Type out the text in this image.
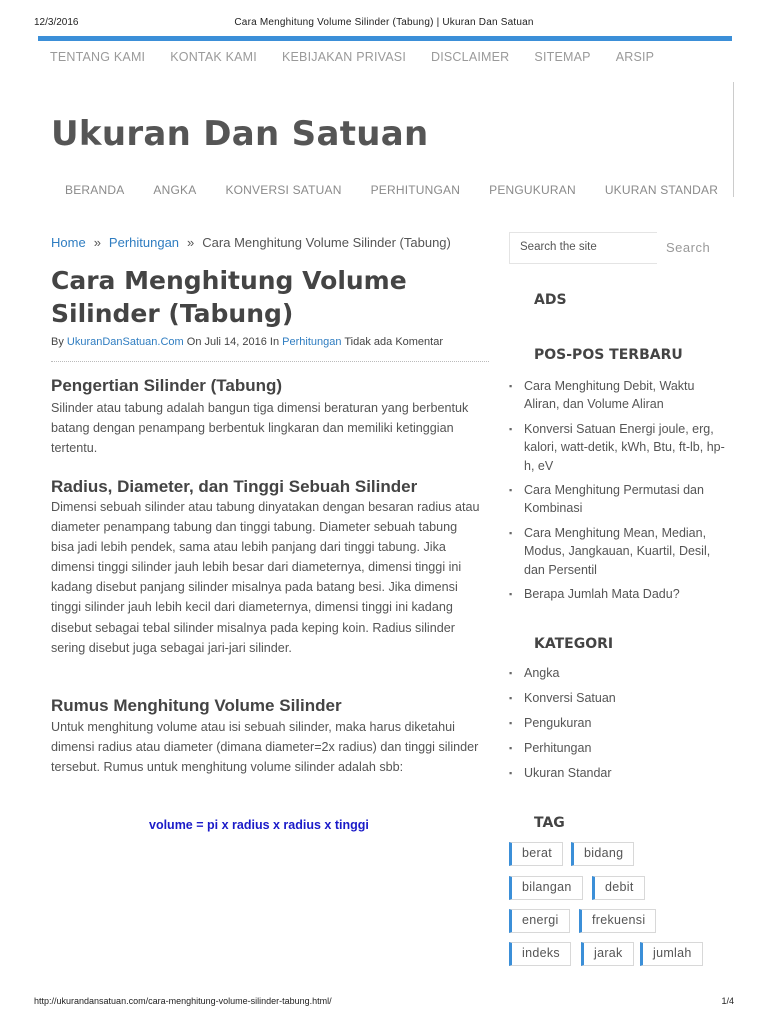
12/3/2016	Cara Menghitung Volume Silinder (Tabung) | Ukuran Dan Satuan
TENTANG KAMI KONTAK KAMI KEBIJAKAN PRIVASI DISCLAIMER SITEMAP ARSIP
Ukuran Dan Satuan
BERANDA ANGKA KONVERSI SATUAN PERHITUNGAN PENGUKURAN UKURAN STANDAR
Home » Perhitungan » Cara Menghitung Volume Silinder (Tabung)
Cara Menghitung Volume Silinder (Tabung)
By UkuranDanSatuan.Com On Juli 14, 2016 In Perhitungan Tidak ada Komentar
Pengertian Silinder (Tabung)

Silinder atau tabung adalah bangun tiga dimensi beraturan yang berbentuk batang dengan penampang berbentuk lingkaran dan memiliki ketinggian tertentu.

Radius, Diameter, dan Tinggi Sebuah Silinder

Dimensi sebuah silinder atau tabung dinyatakan dengan besaran radius atau diameter penampang tabung dan tinggi tabung. Diameter sebuah tabung bisa jadi lebih pendek, sama atau lebih panjang dari tinggi tabung. Jika dimensi tinggi silinder jauh lebih besar dari diameternya, dimensi tinggi ini kadang disebut panjang silinder misalnya pada batang besi. Jika dimensi tinggi silinder jauh lebih kecil dari diameternya, dimensi tinggi ini kadang disebut sebagai tebal silinder misalnya pada keping koin. Radius silinder sering disebut juga sebagai jari-jari silinder.

Rumus Menghitung Volume Silinder

Untuk menghitung volume atau isi sebuah silinder, maka harus diketahui dimensi radius atau diameter (dimana diameter=2x radius) dan tinggi silinder tersebut. Rumus untuk menghitung volume silinder adalah sbb:

volume = pi x radius x radius x tinggi
Search the site
Search
ADS
POS-POS TERBARU
▪ Cara Menghitung Debit, Waktu Aliran, dan Volume Aliran
▪ Konversi Satuan Energi joule, erg, kalori, watt-detik, kWh, Btu, ft-lb, hp-h, eV
▪ Cara Menghitung Permutasi dan Kombinasi
▪ Cara Menghitung Mean, Median, Modus, Jangkauan, Kuartil, Desil, dan Persentil
▪ Berapa Jumlah Mata Dadu?
KATEGORI
▪ Angka
▪ Konversi Satuan
▪ Pengukuran
▪ Perhitungan
▪ Ukuran Standar
TAG
berat	bidang
bilangan	debit
energi	frekuensi
indeks	jarak	jumlah
http://ukurandansatuan.com/cara-menghitung-volume-silinder-tabung.html/	1/4
